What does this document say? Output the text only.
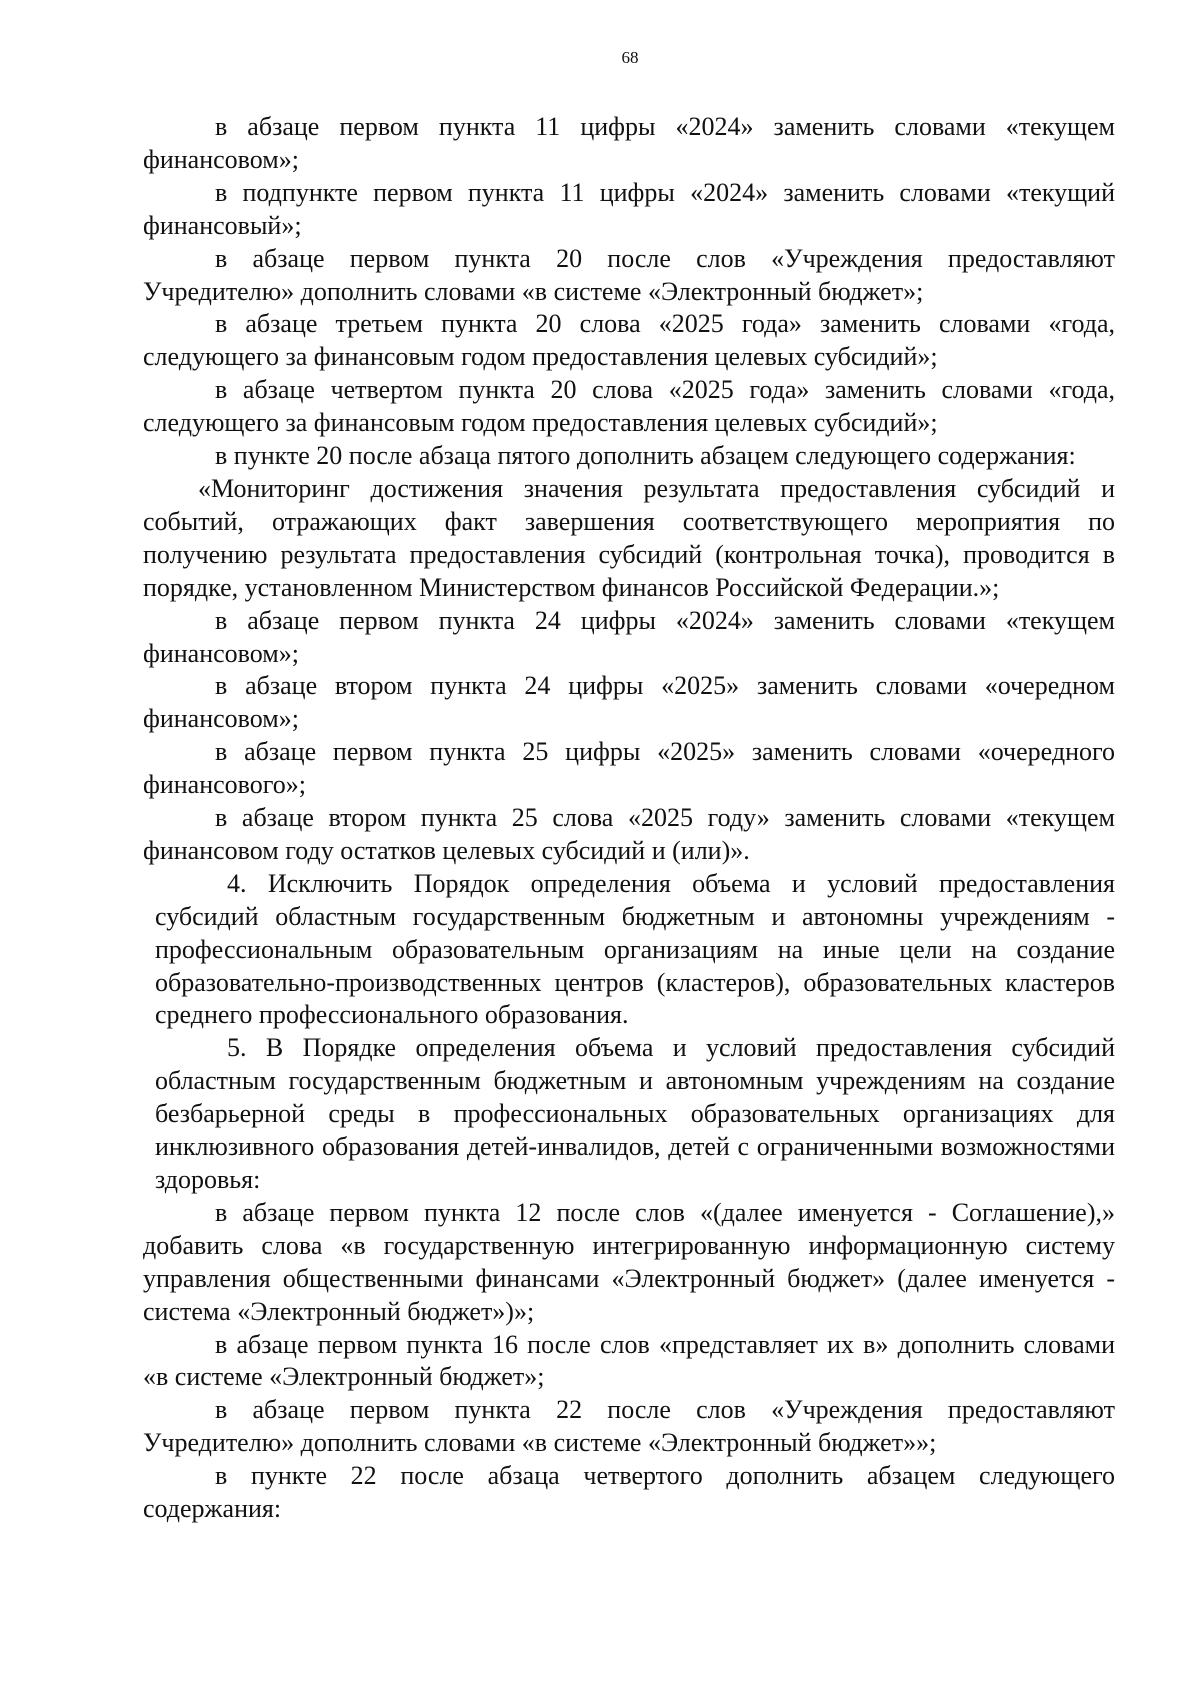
68

в абзаце первом пункта 11 цифры «2024» заменить словами «текущем финансовом»;

в подпункте первом пункта 11 цифры «2024» заменить словами «текущий финансовый»;

в абзаце первом пункта 20 после слов «Учреждения предоставляют Учредителю» дополнить словами «в системе «Электронный бюджет»;

в абзаце третьем пункта 20 слова «2025 года» заменить словами «года, следующего за финансовым годом предоставления целевых субсидий»;

в абзаце четвертом пункта 20 слова «2025 года» заменить словами «года, следующего за финансовым годом предоставления целевых субсидий»;

в пункте 20 после абзаца пятого дополнить абзацем следующего содержания:

«Мониторинг достижения значения результата предоставления субсидий и событий, отражающих факт завершения соответствующего мероприятия по получению результата предоставления субсидий (контрольная точка), проводится в порядке, установленном Министерством финансов Российской Федерации.»;

в абзаце первом пункта 24 цифры «2024» заменить словами «текущем финансовом»;

в абзаце втором пункта 24 цифры «2025» заменить словами «очередном финансовом»;

в абзаце первом пункта 25 цифры «2025» заменить словами «очередного финансового»;

в абзаце втором пункта 25 слова «2025 году» заменить словами «текущем финансовом году остатков целевых субсидий и (или)».

4. Исключить Порядок определения объема и условий предоставления субсидий областным государственным бюджетным и автономны учреждениям - профессиональным образовательным организациям на иные цели на создание образовательно-производственных центров (кластеров), образовательных кластеров среднего профессионального образования.

5. В Порядке определения объема и условий предоставления субсидий областным государственным бюджетным и автономным учреждениям на создание безбарьерной среды в профессиональных образовательных организациях для инклюзивного образования детей-инвалидов, детей с ограниченными возможностями здоровья:

в абзаце первом пункта 12 после слов «(далее именуется - Соглашение),» добавить слова «в государственную интегрированную информационную систему управления общественными финансами «Электронный бюджет» (далее именуется - система «Электронный бюджет»)»;

в абзаце первом пункта 16 после слов «представляет их в» дополнить словами «в системе «Электронный бюджет»;

в абзаце первом пункта 22 после слов «Учреждения предоставляют Учредителю» дополнить словами «в системе «Электронный бюджет»»;

в пункте 22 после абзаца четвертого дополнить абзацем следующего содержания:
